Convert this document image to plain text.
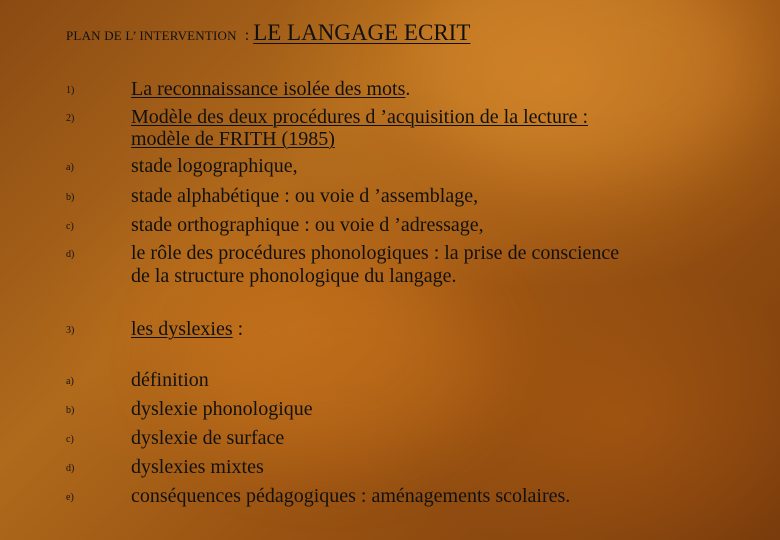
PLAN DE L’ INTERVENTION : LE LANGAGE ECRIT
1)	La reconnaissance isolée des mots.
2)	Modèle des deux procédures d ’acquisition de la lecture :
modèle de FRITH (1985)
a)	stade logographique,
b)	stade alphabétique : ou voie d ’assemblage,
c)	stade orthographique : ou voie d ’adressage,
d)	le rôle des procédures phonologiques : la prise de conscience
de la structure phonologique du langage.
3)	les dyslexies :
a)	définition
b)	dyslexie phonologique
c)	dyslexie de surface
d)	dyslexies mixtes
e)	conséquences pédagogiques : aménagements scolaires.
